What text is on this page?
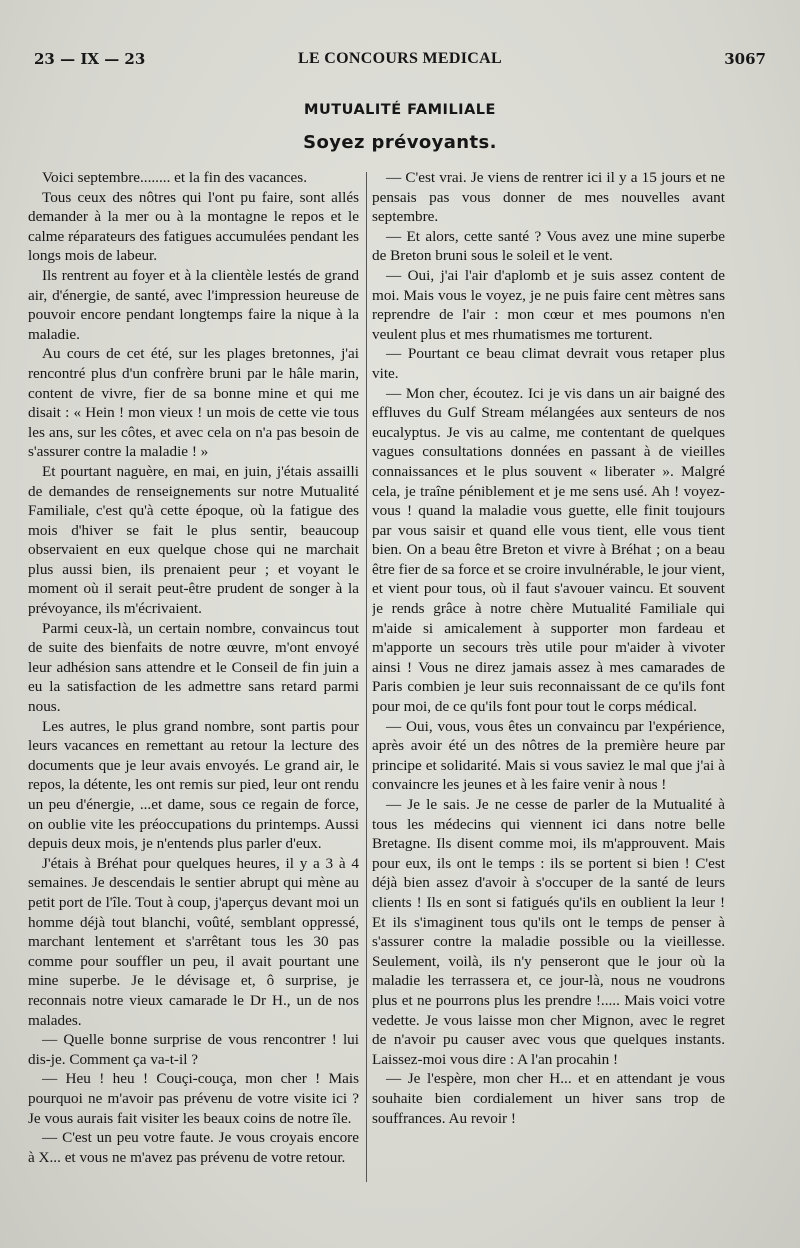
23 — IX — 23	LE CONCOURS MEDICAL	3067
MUTUALITÉ FAMILIALE
Soyez prévoyants.

Voici septembre........ et la fin des vacances.

Tous ceux des nôtres qui l'ont pu faire, sont allés demander à la mer ou à la montagne le repos et le calme réparateurs des fatigues accumulées pendant les longs mois de labeur.

Ils rentrent au foyer et à la clientèle lestés de grand air, d'énergie, de santé, avec l'impression heureuse de pouvoir encore pendant longtemps faire la nique à la maladie.

Au cours de cet été, sur les plages bretonnes, j'ai rencontré plus d'un confrère bruni par le hâle marin, content de vivre, fier de sa bonne mine et qui me disait : « Hein ! mon vieux ! un mois de cette vie tous les ans, sur les côtes, et avec cela on n'a pas besoin de s'assurer contre la maladie ! »

Et pourtant naguère, en mai, en juin, j'étais assailli de demandes de renseignements sur notre Mutualité Familiale, c'est qu'à cette époque, où la fatigue des mois d'hiver se fait le plus sentir, beaucoup observaient en eux quelque chose qui ne marchait plus aussi bien, ils prenaient peur ; et voyant le moment où il serait peut-être prudent de songer à la prévoyance, ils m'écrivaient.

Parmi ceux-là, un certain nombre, convaincus tout de suite des bienfaits de notre œuvre, m'ont envoyé leur adhésion sans attendre et le Conseil de fin juin a eu la satisfaction de les admettre sans retard parmi nous.

Les autres, le plus grand nombre, sont partis pour leurs vacances en remettant au retour la lecture des documents que je leur avais envoyés. Le grand air, le repos, la détente, les ont remis sur pied, leur ont rendu un peu d'énergie, ...et dame, sous ce regain de force, on oublie vite les préoccupations du printemps. Aussi depuis deux mois, je n'entends plus parler d'eux.

J'étais à Bréhat pour quelques heures, il y a 3 à 4 semaines. Je descendais le sentier abrupt qui mène au petit port de l'île. Tout à coup, j'aperçus devant moi un homme déjà tout blanchi, voûté, semblant oppressé, marchant lentement et s'arrêtant tous les 30 pas comme pour souffler un peu, il avait pourtant une mine superbe. Je le dévisage et, ô surprise, je reconnais notre vieux camarade le Dr H., un de nos malades.

— Quelle bonne surprise de vous rencontrer ! lui dis-je. Comment ça va-t-il ?

— Heu ! heu ! Couçi-couça, mon cher ! Mais pourquoi ne m'avoir pas prévenu de votre visite ici ? Je vous aurais fait visiter les beaux coins de notre île.

— C'est un peu votre faute. Je vous croyais encore à X... et vous ne m'avez pas prévenu de votre retour.

— C'est vrai. Je viens de rentrer ici il y a 15 jours et ne pensais pas vous donner de mes nouvelles avant septembre.

— Et alors, cette santé ? Vous avez une mine superbe de Breton bruni sous le soleil et le vent.

— Oui, j'ai l'air d'aplomb et je suis assez content de moi. Mais vous le voyez, je ne puis faire cent mètres sans reprendre de l'air : mon cœur et mes poumons n'en veulent plus et mes rhumatismes me torturent.

— Pourtant ce beau climat devrait vous retaper plus vite.

— Mon cher, écoutez. Ici je vis dans un air baigné des effluves du Gulf Stream mélangées aux senteurs de nos eucalyptus. Je vis au calme, me contentant de quelques vagues consultations données en passant à de vieilles connaissances et le plus souvent « liberater ». Malgré cela, je traîne péniblement et je me sens usé. Ah ! voyez-vous ! quand la maladie vous guette, elle finit toujours par vous saisir et quand elle vous tient, elle vous tient bien. On a beau être Breton et vivre à Bréhat ; on a beau être fier de sa force et se croire invulnérable, le jour vient, et vient pour tous, où il faut s'avouer vaincu. Et souvent je rends grâce à notre chère Mutualité Familiale qui m'aide si amicalement à supporter mon fardeau et m'apporte un secours très utile pour m'aider à vivoter ainsi ! Vous ne direz jamais assez à mes camarades de Paris combien je leur suis reconnaissant de ce qu'ils font pour moi, de ce qu'ils font pour tout le corps médical.

— Oui, vous, vous êtes un convaincu par l'expérience, après avoir été un des nôtres de la première heure par principe et solidarité. Mais si vous saviez le mal que j'ai à convaincre les jeunes et à les faire venir à nous !

— Je le sais. Je ne cesse de parler de la Mutualité à tous les médecins qui viennent ici dans notre belle Bretagne. Ils disent comme moi, ils m'approuvent. Mais pour eux, ils ont le temps : ils se portent si bien ! C'est déjà bien assez d'avoir à s'occuper de la santé de leurs clients ! Ils en sont si fatigués qu'ils en oublient la leur ! Et ils s'imaginent tous qu'ils ont le temps de penser à s'assurer contre la maladie possible ou la vieillesse. Seulement, voilà, ils n'y penseront que le jour où la maladie les terrassera et, ce jour-là, nous ne voudrons plus et ne pourrons plus les prendre !..... Mais voici votre vedette. Je vous laisse mon cher Mignon, avec le regret de n'avoir pu causer avec vous que quelques instants. Laissez-moi vous dire : A l'an procahin !

— Je l'espère, mon cher H... et en attendant je vous souhaite bien cordialement un hiver sans trop de souffrances. Au revoir !
